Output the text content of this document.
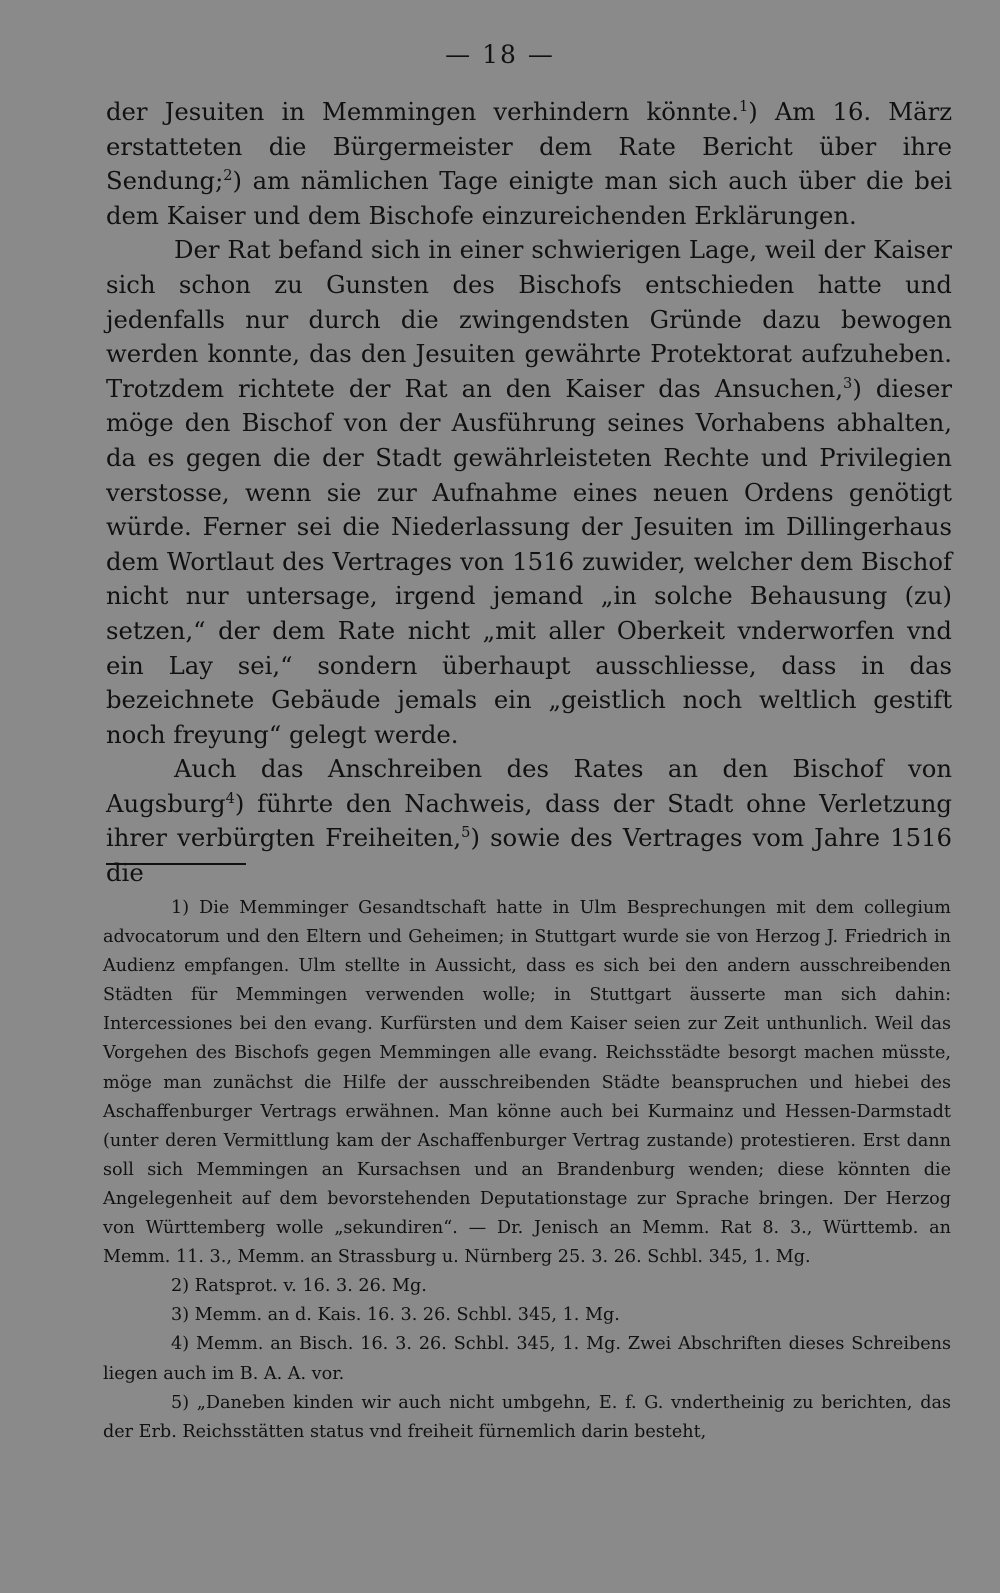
— 18 —

der Jesuiten in Memmingen verhindern könnte.$^1$) Am 16. März erstatteten die Bürgermeister dem Rate Bericht über ihre Sendung;$^2$) am nämlichen Tage einigte man sich auch über die bei dem Kaiser und dem Bischofe einzureichenden Erklärungen.

Der Rat befand sich in einer schwierigen Lage, weil der Kaiser sich schon zu Gunsten des Bischofs entschieden hatte und jedenfalls nur durch die zwingendsten Gründe dazu bewogen werden konnte, das den Jesuiten gewährte Protektorat aufzuheben. Trotzdem richtete der Rat an den Kaiser das Ansuchen,$^3$) dieser möge den Bischof von der Ausführung seines Vorhabens abhalten, da es gegen die der Stadt gewährleisteten Rechte und Privilegien verstosse, wenn sie zur Aufnahme eines neuen Ordens genötigt würde. Ferner sei die Niederlassung der Jesuiten im Dillingerhaus dem Wortlaut des Vertrages von 1516 zuwider, welcher dem Bischof nicht nur untersage, irgend jemand „in solche Behausung (zu) setzen,“ der dem Rate nicht „mit aller Oberkeit vnderworfen vnd ein Lay sei,“ sondern überhaupt ausschliesse, dass in das bezeichnete Gebäude jemals ein „geistlich noch weltlich gestift noch freyung“ gelegt werde.

Auch das Anschreiben des Rates an den Bischof von Augsburg$^4$) führte den Nachweis, dass der Stadt ohne Verletzung ihrer verbürgten Freiheiten,$^5$) sowie des Vertrages vom Jahre 1516 die

1) Die Memminger Gesandtschaft hatte in Ulm Besprechungen mit dem collegium advocatorum und den Eltern und Geheimen; in Stuttgart wurde sie von Herzog J. Friedrich in Audienz empfangen. Ulm stellte in Aussicht, dass es sich bei den andern ausschreibenden Städten für Memmingen verwenden wolle; in Stuttgart äusserte man sich dahin: Intercessiones bei den evang. Kurfürsten und dem Kaiser seien zur Zeit unthunlich. Weil das Vorgehen des Bischofs gegen Memmingen alle evang. Reichsstädte besorgt machen müsste, möge man zunächst die Hilfe der ausschreibenden Städte beanspruchen und hiebei des Aschaffenburger Vertrags erwähnen. Man könne auch bei Kurmainz und Hessen-Darmstadt (unter deren Vermittlung kam der Aschaffenburger Vertrag zustande) protestieren. Erst dann soll sich Memmingen an Kursachsen und an Brandenburg wenden; diese könnten die Angelegenheit auf dem bevorstehenden Deputationstage zur Sprache bringen. Der Herzog von Württemberg wolle „sekundiren“. — Dr. Jenisch an Memm. Rat 8. 3., Württemb. an Memm. 11. 3., Memm. an Strassburg u. Nürnberg 25. 3. 26. Schbl. 345, 1. Mg.

2) Ratsprot. v. 16. 3. 26. Mg.

3) Memm. an d. Kais. 16. 3. 26. Schbl. 345, 1. Mg.

4) Memm. an Bisch. 16. 3. 26. Schbl. 345, 1. Mg. Zwei Abschriften dieses Schreibens liegen auch im B. A. A. vor.

5) „Daneben kinden wir auch nicht umbgehn, E. f. G. vndertheinig zu berichten, das der Erb. Reichsstätten status vnd freiheit fürnemlich darin besteht,
